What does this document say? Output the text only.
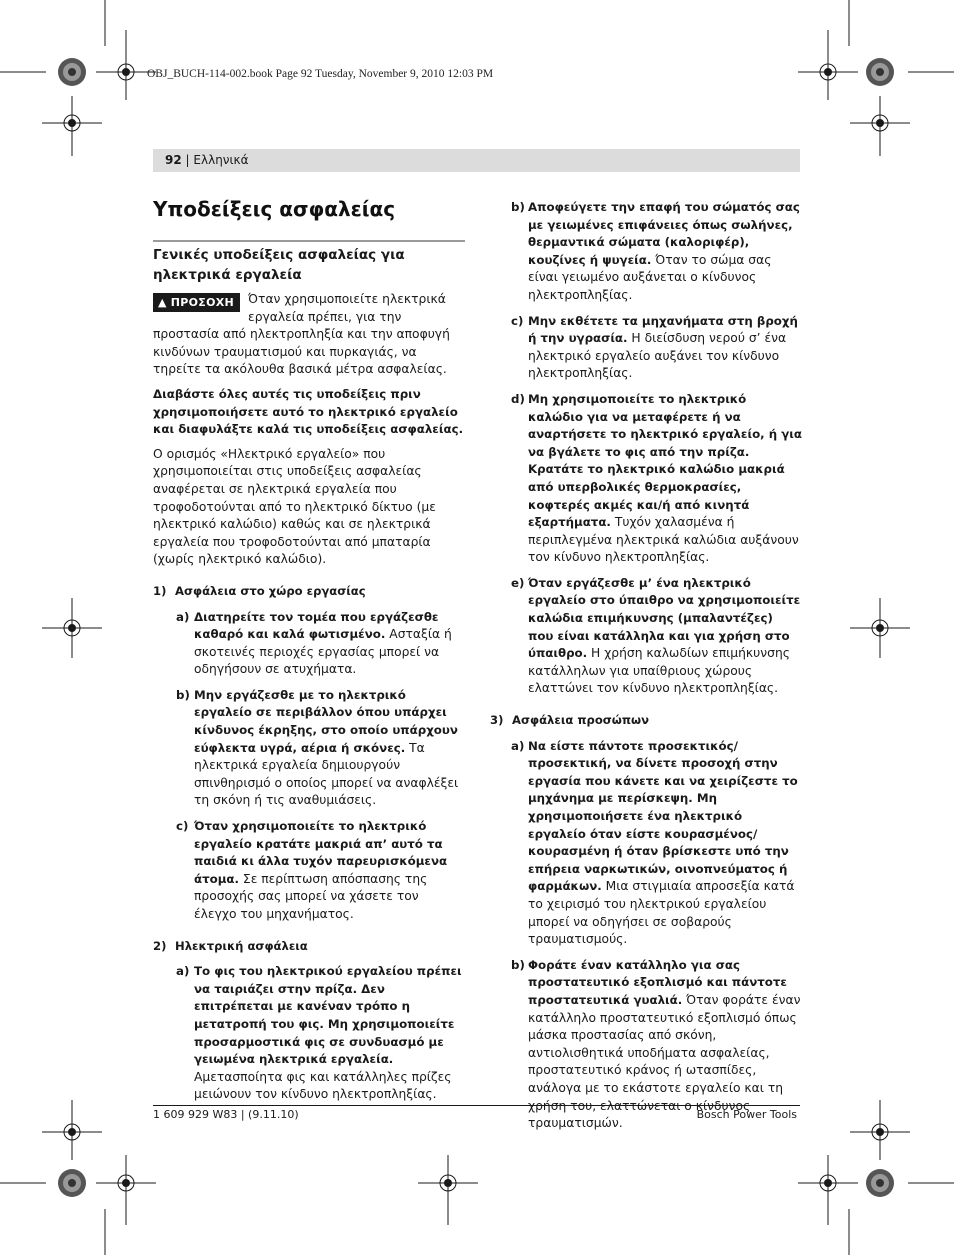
OBJ_BUCH-114-002.book Page 92 Tuesday, November 9, 2010 12:03 PM
92 | Ελληνικά
Υποδείξεις ασφαλείας
Γενικές υποδείξεις ασφαλείας για ηλεκτρικά εργαλεία

▲ ΠΡΟΣΟΧΗ	Όταν χρησιμοποιείτε ηλεκτρικά εργαλεία πρέπει, για την προστασία από ηλεκτροπληξία και την αποφυγή κινδύνων τραυματισμού και πυρκαγιάς, να τηρείτε τα ακόλουθα βασικά μέτρα ασφαλείας.

Διαβάστε όλες αυτές τις υποδείξεις πριν χρησιμοποιήσετε αυτό το ηλεκτρικό εργαλείο και διαφυλάξτε καλά τις υποδείξεις ασφαλείας.

Ο ορισμός «Ηλεκτρικό εργαλείο» που χρησιμοποιείται στις υποδείξεις ασφαλείας αναφέρεται σε ηλεκτρικά εργαλεία που τροφοδοτούνται από το ηλεκτρικό δίκτυο (με ηλεκτρικό καλώδιο) καθώς και σε ηλεκτρικά εργαλεία που τροφοδοτούνται από μπαταρία (χωρίς ηλεκτρικό καλώδιο).

1) Ασφάλεια στο χώρο εργασίας
a) Διατηρείτε τον τομέα που εργάζεσθε καθαρό και καλά φωτισμένο. Ασταξία ή σκοτεινές περιοχές εργασίας μπορεί να οδηγήσουν σε ατυχήματα.
b) Μην εργάζεσθε με το ηλεκτρικό εργαλείο σε περιβάλλον όπου υπάρχει κίνδυνος έκρηξης, στο οποίο υπάρχουν εύφλεκτα υγρά, αέρια ή σκόνες. Τα ηλεκτρικά εργαλεία δημιουργούν σπινθηρισμό ο οποίος μπορεί να αναφλέξει τη σκόνη ή τις αναθυμιάσεις.
c) Όταν χρησιμοποιείτε το ηλεκτρικό εργαλείο κρατάτε μακριά απ’ αυτό τα παιδιά κι άλλα τυχόν παρευρισκόμενα άτομα. Σε περίπτωση απόσπασης της προσοχής σας μπορεί να χάσετε τον έλεγχο του μηχανήματος.
2) Ηλεκτρική ασφάλεια
a) Το φις του ηλεκτρικού εργαλείου πρέπει να ταιριάζει στην πρίζα. Δεν επιτρέπεται με κανέναν τρόπο η μετατροπή του φις. Μη χρησιμοποιείτε προσαρμοστικά φις σε συνδυασμό με γειωμένα ηλεκτρικά εργαλεία. Αμετασποίητα φις και κατάλληλες πρίζες μειώνουν τον κίνδυνο ηλεκτροπληξίας.
b) Αποφεύγετε την επαφή του σώματός σας με γειωμένες επιφάνειες όπως σωλήνες, θερμαντικά σώματα (καλοριφέρ), κουζίνες ή ψυγεία. Όταν το σώμα σας είναι γειωμένο αυξάνεται ο κίνδυνος ηλεκτροπληξίας.
c) Μην εκθέτετε τα μηχανήματα στη βροχή ή την υγρασία. Η διείσδυση νερού σ’ ένα ηλεκτρικό εργαλείο αυξάνει τον κίνδυνο ηλεκτροπληξίας.
d) Μη χρησιμοποιείτε το ηλεκτρικό καλώδιο για να μεταφέρετε ή να αναρτήσετε το ηλεκτρικό εργαλείο, ή για να βγάλετε το φις από την πρίζα. Κρατάτε το ηλεκτρικό καλώδιο μακριά από υπερβολικές θερμοκρασίες, κοφτερές ακμές και/ή από κινητά εξαρτήματα. Τυχόν χαλασμένα ή περιπλεγμένα ηλεκτρικά καλώδια αυξάνουν τον κίνδυνο ηλεκτροπληξίας.
e) Όταν εργάζεσθε μ’ ένα ηλεκτρικό εργαλείο στο ύπαιθρο να χρησιμοποιείτε καλώδια επιμήκυνσης (μπαλαντέζες) που είναι κατάλληλα και για χρήση στο ύπαιθρο. Η χρήση καλωδίων επιμήκυνσης κατάλληλων για υπαίθριους χώρους ελαττώνει τον κίνδυνο ηλεκτροπληξίας.
3) Ασφάλεια προσώπων
a) Να είστε πάντοτε προσεκτικός/προσεκτική, να δίνετε προσοχή στην εργασία που κάνετε και να χειρίζεστε το μηχάνημα με περίσκεψη. Μη χρησιμοποιήσετε ένα ηλεκτρικό εργαλείο όταν είστε κουρασμένος/κουρασμένη ή όταν βρίσκεστε υπό την επήρεια ναρκωτικών, οινοπνεύματος ή φαρμάκων. Μια στιγμιαία απροσεξία κατά το χειρισμό του ηλεκτρικού εργαλείου μπορεί να οδηγήσει σε σοβαρούς τραυματισμούς.
b) Φοράτε έναν κατάλληλο για σας προστατευτικό εξοπλισμό και πάντοτε προστατευτικά γυαλιά. Όταν φοράτε έναν κατάλληλο προστατευτικό εξοπλισμό όπως μάσκα προστασίας από σκόνη, αντιολισθητικά υποδήματα ασφαλείας, προστατευτικό κράνος ή ωτασπίδες, ανάλογα με το εκάστοτε εργαλείο και τη χρήση του, ελαττώνεται ο κίνδυνος τραυματισμών.
1 609 929 W83 | (9.11.10)	Bosch Power Tools
